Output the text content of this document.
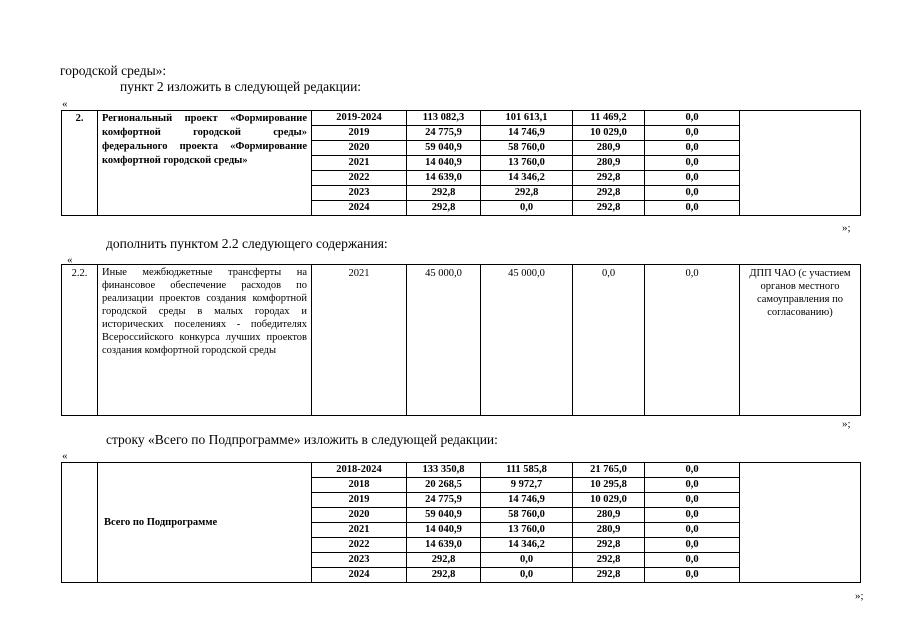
городской среды»:
пункт 2 изложить в следующей редакции:
«
2.	Региональный проект «Формирование комфортной городской среды» федерального проекта «Формирование комфортной городской среды»	2019-2024	113 082,3	101 613,1	11 469,2	0,0	
		2019	24 775,9	14 746,9	10 029,0	0,0	
		2020	59 040,9	58 760,0	280,9	0,0	
		2021	14 040,9	13 760,0	280,9	0,0	
		2022	14 639,0	14 346,2	292,8	0,0	
		2023	292,8	292,8	292,8	0,0	
		2024	292,8	0,0	292,8	0,0	
»;
дополнить пунктом 2.2 следующего содержания:
«
2.2.	Иные межбюджетные трансферты на финансовое обеспечение расходов по реализации проектов создания комфортной городской среды в малых городах и исторических поселениях - победителях Всероссийского конкурса лучших проектов создания комфортной городской среды	2021	45 000,0	45 000,0	0,0	0,0	ДПП ЧАО (с участием органов местного самоуправления по согласованию)
»;
строку «Всего по Подпрограмме» изложить в следующей редакции:
«
	Всего по Подпрограмме	2018-2024	133 350,8	111 585,8	21 765,0	0,0	
		2018	20 268,5	9 972,7	10 295,8	0,0	
		2019	24 775,9	14 746,9	10 029,0	0,0	
		2020	59 040,9	58 760,0	280,9	0,0	
		2021	14 040,9	13 760,0	280,9	0,0	
		2022	14 639,0	14 346,2	292,8	0,0	
		2023	292,8	0,0	292,8	0,0	
		2024	292,8	0,0	292,8	0,0	
»;
